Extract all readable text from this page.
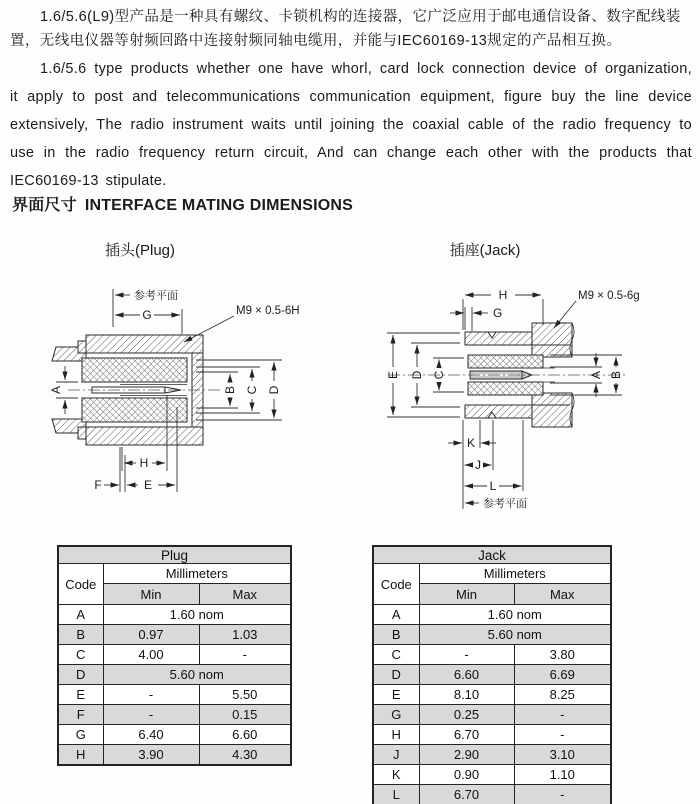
1.6/5.6(L9)型产品是一种具有螺纹、卡锁机构的连接器，它广泛应用于邮电通信设备、数字配线装置，无线电仪器等射频回路中连接射频同轴电缆用，并能与IEC60169-13规定的产品相互换。

1.6/5.6 type products whether one have whorl, card lock connection device of organization, it apply to post and telecommunications communication equipment, figure buy the line device extensively, The radio instrument waits until joining the coaxial cable of the radio frequency to use in the radio frequency return circuit, And can change each other with the products that IEC60169-13 stipulate.

界面尺寸 INTERFACE MATING DIMENSIONS
插头(Plug)	插座(Jack)
参考平面
G	M9 × 0.5-6H
A	B C D
H
F	E
H	M9 × 0.5-6g
G
E D C	A B
K
J
L
参考平面
Plug		
Code	Millimeters	
	Min	Max
A	1.60 nom	
B	0.97	1.03
C	4.00	-
D	5.60 nom	
E	-	5.50
F	-	0.15
G	6.40	6.60
H	3.90	4.30
Jack		
Code	Millimeters	
	Min	Max
A	1.60 nom	
B	5.60 nom	
C	-	3.80
D	6.60	6.69
E	8.10	8.25
G	0.25	-
H	6.70	-
J	2.90	3.10
K	0.90	1.10
L	6.70	-
